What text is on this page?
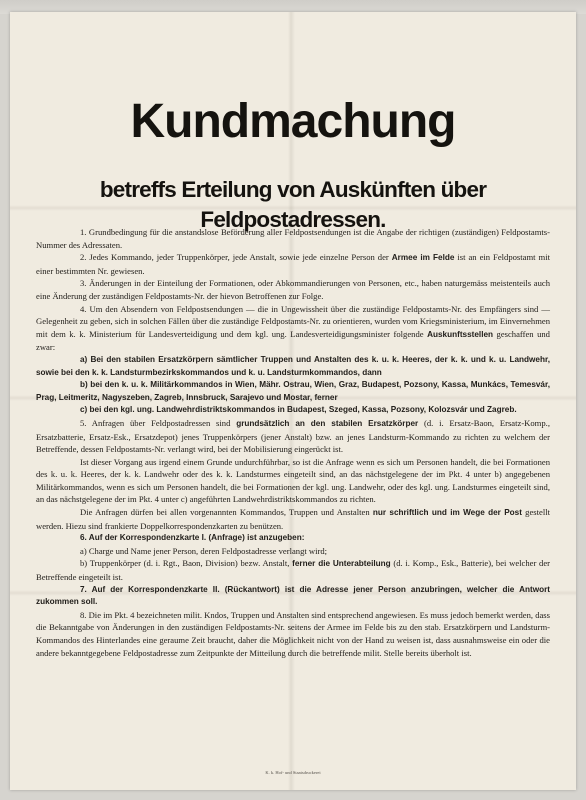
Kundmachung
betreffs Erteilung von Auskünften über Feldpostadressen.

1. Grundbedingung für die anstandslose Beförderung aller Feldpostsendungen ist die Angabe der richtigen (zuständigen) Feldpostamts-Nummer des Adressaten.

2. Jedes Kommando, jeder Truppenkörper, jede Anstalt, sowie jede einzelne Person der Armee im Felde ist an ein Feldpostamt mit einer bestimmten Nr. gewiesen.

3. Änderungen in der Einteilung der Formationen, oder Abkommandierungen von Personen, etc., haben naturgemäss meistenteils auch eine Änderung der zuständigen Feldpostamts-Nr. der hievon Betroffenen zur Folge.

4. Um den Absendern von Feldpostsendungen — die in Ungewissheit über die zuständige Feldpostamts-Nr. des Empfängers sind — Gelegenheit zu geben, sich in solchen Fällen über die zuständige Feldpostamts-Nr. zu orientieren, wurden vom Kriegsministerium, im Einvernehmen mit dem k. k. Ministerium für Landesverteidigung und dem kgl. ung. Landesverteidigungsminister folgende Auskunftsstellen geschaffen und zwar:

a) Bei den stabilen Ersatzkörpern sämtlicher Truppen und Anstalten des k. u. k. Heeres, der k. k. und k. u. Landwehr, sowie bei den k. k. Landsturmbezirkskommandos und k. u. Landsturmkommandos, dann

b) bei den k. u. k. Militärkommandos in Wien, Mähr. Ostrau, Wien, Graz, Budapest, Pozsony, Kassa, Munkács, Temesvár, Prag, Leitmeritz, Nagyszeben, Zagreb, Innsbruck, Sarajevo und Mostar, ferner

c) bei den kgl. ung. Landwehrdistriktskommandos in Budapest, Szeged, Kassa, Pozsony, Kolozsvár und Zagreb.

5. Anfragen über Feldpostadressen sind grundsätzlich an den stabilen Ersatzkörper (d. i. Ersatz-Baon, Ersatz-Komp., Ersatzbatterie, Ersatz-Esk., Ersatzdepot) jenes Truppenkörpers (jener Anstalt) bzw. an jenes Landsturm-Kommando zu richten zu welchem der Betreffende, dessen Feldpostamts-Nr. verlangt wird, bei der Mobilisierung eingerückt ist.

Ist dieser Vorgang aus irgend einem Grunde undurchführbar, so ist die Anfrage wenn es sich um Personen handelt, die bei Formationen des k. u. k. Heeres, der k. k. Landwehr oder des k. k. Landsturmes eingeteilt sind, an das nächstgelegene der im Pkt. 4 unter b) angegebenen Militärkommandos, wenn es sich um Personen handelt, die bei Formationen der kgl. ung. Landwehr, oder des kgl. ung. Landsturmes eingeteilt sind, an das nächstgelegene der im Pkt. 4 unter c) angeführten Landwehrdistriktskommandos zu richten.

Die Anfragen dürfen bei allen vorgenannten Kommandos, Truppen und Anstalten nur schriftlich und im Wege der Post gestellt werden. Hiezu sind frankierte Doppelkorrespondenzkarten zu benützen.

6. Auf der Korrespondenzkarte I. (Anfrage) ist anzugeben:

a) Charge und Name jener Person, deren Feldpostadresse verlangt wird;

b) Truppenkörper (d. i. Rgt., Baon, Division) bezw. Anstalt, ferner die Unterabteilung (d. i. Komp., Esk., Batterie), bei welcher der Betreffende eingeteilt ist.

7. Auf der Korrespondenzkarte II. (Rückantwort) ist die Adresse jener Person anzubringen, welcher die Antwort zukommen soll.

8. Die im Pkt. 4 bezeichneten milit. Kndos, Truppen und Anstalten sind entsprechend angewiesen. Es muss jedoch bemerkt werden, dass die Bekanntgabe von Änderungen in den zuständigen Feldpostamts-Nr. seitens der Armee im Felde bis zu den stab. Ersatzkörpern und Landsturm-Kommandos des Hinterlandes eine geraume Zeit braucht, daher die Möglichkeit nicht von der Hand zu weisen ist, dass ausnahmsweise ein oder die andere bekanntgegebene Feldpostadresse zum Zeitpunkte der Mitteilung durch die betreffende milit. Stelle bereits überholt ist.

K. k. Hof- und Staatsdruckerei
